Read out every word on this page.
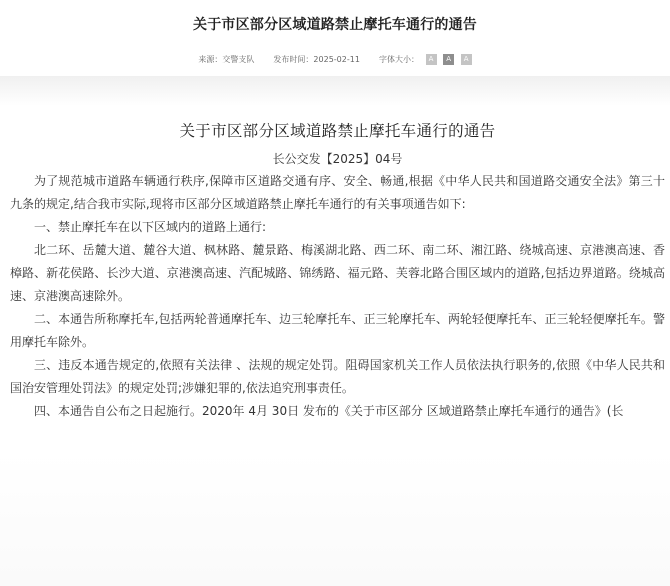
关于市区部分区域道路禁止摩托车通行的通告
来源：交警支队 发布时间：2025-02-11 字体大小： A A A
关于市区部分区域道路禁止摩托车通行的通告
长公交发【2025】04号

为了规范城市道路车辆通行秩序,保障市区道路交通有序、安全、畅通,根据《中华人民共和国道路交通安全法》第三十九条的规定,结合我市实际,现将市区部分区域道路禁止摩托车通行的有关事项通告如下:

一、禁止摩托车在以下区域内的道路上通行:

北二环、岳麓大道、麓谷大道、枫林路、麓景路、梅溪湖北路、西二环、南二环、湘江路、绕城高速、京港澳高速、香樟路、新花侯路、长沙大道、京港澳高速、汽配城路、锦绣路、福元路、芙蓉北路合围区域内的道路,包括边界道路。绕城高速、京港澳高速除外。

二、本通告所称摩托车,包括两轮普通摩托车、边三轮摩托车、正三轮摩托车、两轮轻便摩托车、正三轮轻便摩托车。警用摩托车除外。

三、违反本通告规定的,依照有关法律 、法规的规定处罚。阻碍国家机关工作人员依法执行职务的,依照《中华人民共和国治安管理处罚法》的规定处罚;涉嫌犯罪的,依法追究刑事责任。

四、本通告自公布之日起施行。2020年 4月 30日 发布的《关于市区部分 区域道路禁止摩托车通行的通告》(长
